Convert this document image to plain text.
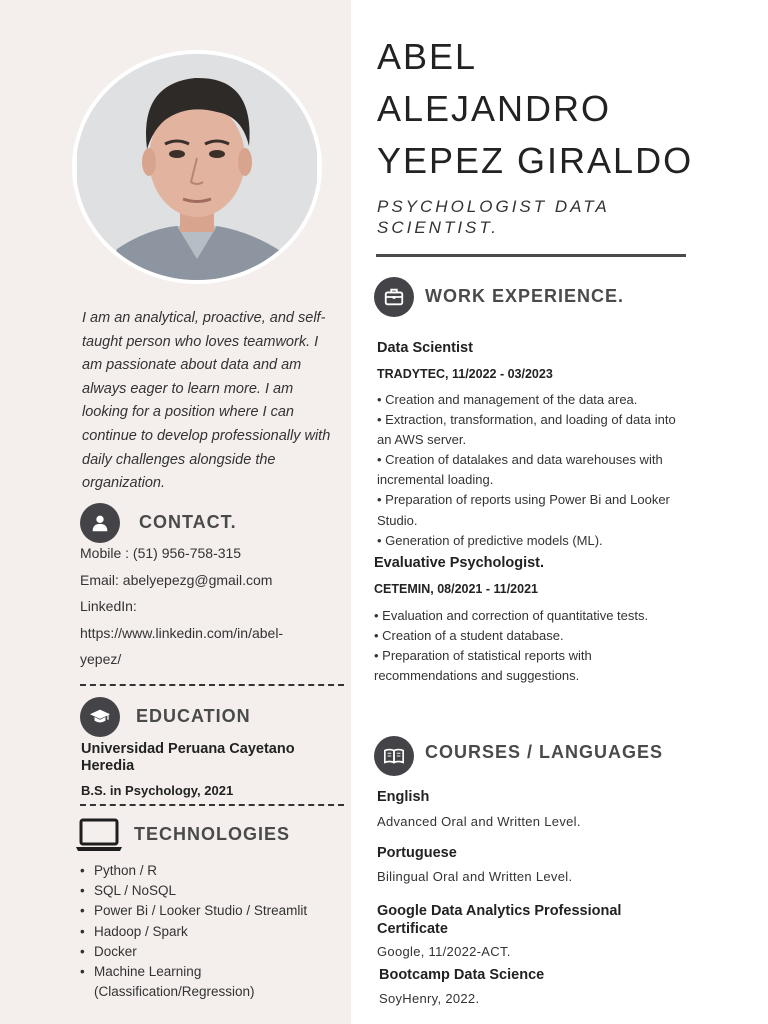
I am an analytical, proactive, and self-taught person who loves teamwork. I am passionate about data and am always eager to learn more. I am looking for a position where I can continue to develop professionally with daily challenges alongside the organization.
CONTACT.
Mobile : (51) 956-758-315
Email: abelyepezg@gmail.com
LinkedIn:
https://www.linkedin.com/in/abel-
yepez/
EDUCATION
Universidad Peruana Cayetano Heredia
B.S. in Psychology, 2021
TECHNOLOGIES
• Python / R
• SQL / NoSQL
• Power Bi / Looker Studio / Streamlit
• Hadoop / Spark
• Docker
• Machine Learning (Classification/Regression)
ABEL
ALEJANDRO
YEPEZ GIRALDO
PSYCHOLOGIST DATA SCIENTIST.
WORK EXPERIENCE.
Data Scientist
TRADYTEC, 11/2022 - 03/2023
• Creation and management of the data area.
• Extraction, transformation, and loading of data into an AWS server.
• Creation of datalakes and data warehouses with incremental loading.
• Preparation of reports using Power Bi and Looker Studio.
• Generation of predictive models (ML).
Evaluative Psychologist.
CETEMIN, 08/2021 - 11/2021
• Evaluation and correction of quantitative tests.
• Creation of a student database.
• Preparation of statistical reports with recommendations and suggestions.
COURSES / LANGUAGES
English
Advanced Oral and Written Level.
Portuguese
Bilingual Oral and Written Level.
Google Data Analytics Professional Certificate
Google, 11/2022-ACT.
Bootcamp Data Science
SoyHenry, 2022.
